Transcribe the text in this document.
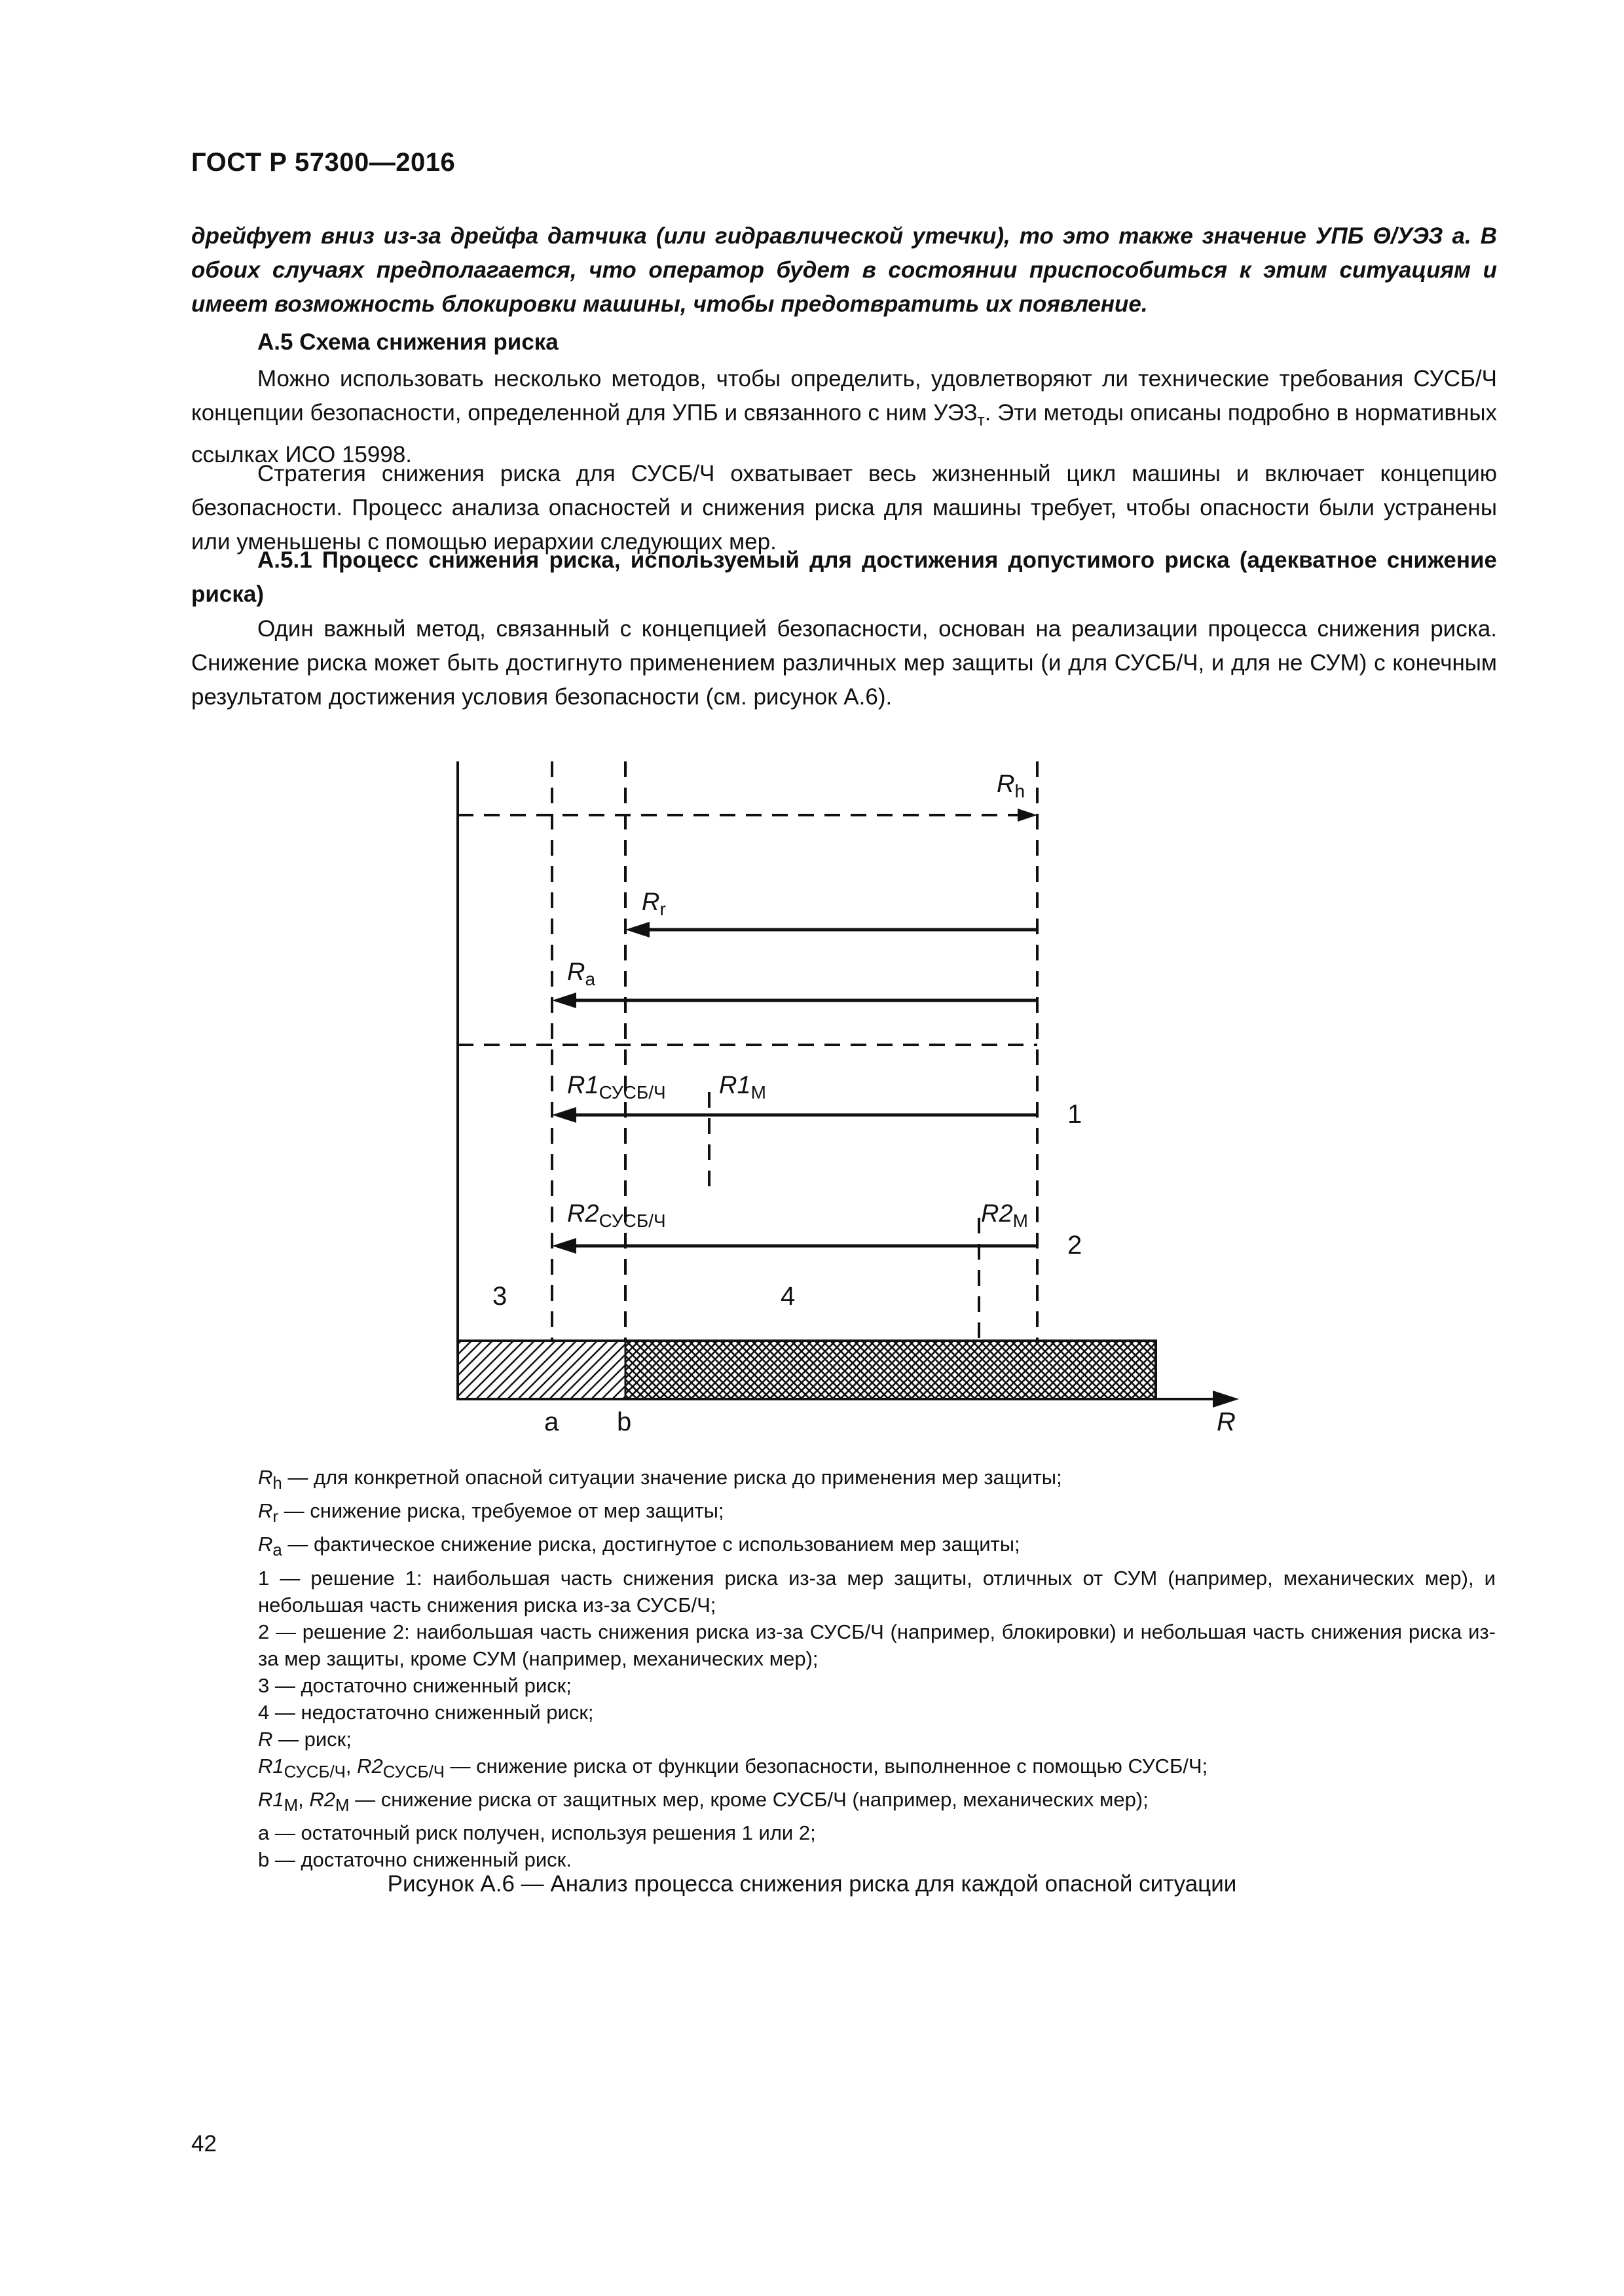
ГОСТ Р 57300—2016
дрейфует вниз из-за дрейфа датчика (или гидравлической утечки), то это также значение УПБ Θ/УЭЗ a. В обоих случаях предполагается, что оператор будет в состоянии приспособиться к этим ситуациям и имеет возможность блокировки машины, чтобы предотвратить их появление.
A.5 Схема снижения риска
Можно использовать несколько методов, чтобы определить, удовлетворяют ли технические требования СУСБ/Ч концепции безопасности, определенной для УПБ и связанного с ним $УЭЗ_т$. Эти методы описаны подробно в нормативных ссылках ИСО 15998.
Стратегия снижения риска для СУСБ/Ч охватывает весь жизненный цикл машины и включает концепцию безопасности. Процесс анализа опасностей и снижения риска для машины требует, чтобы опасности были устранены или уменьшены с помощью иерархии следующих мер.
A.5.1 Процесс снижения риска, используемый для достижения допустимого риска (адекватное снижение риска)
Один важный метод, связанный с концепцией безопасности, основан на реализации процесса снижения риска. Снижение риска может быть достигнуто применением различных мер защиты (и для СУСБ/Ч, и для не СУМ) с конечным результатом достижения условия безопасности (см. рисунок А.6).
$R_h$
$R_r$
$R_a$
$R1_{СУСБ/Ч}$ $R1_М$
$R2_{СУСБ/Ч}$	$R2_М$
1
2
3	4
a b	R
$R_h$ — для конкретной опасной ситуации значение риска до применения мер защиты;
$R_r$ — снижение риска, требуемое от мер защиты;
$R_a$ — фактическое снижение риска, достигнутое с использованием мер защиты;
1 — решение 1: наибольшая часть снижения риска из-за мер защиты, отличных от СУМ (например, механических мер), и небольшая часть снижения риска из-за СУСБ/Ч;
2 — решение 2: наибольшая часть снижения риска из-за СУСБ/Ч (например, блокировки) и небольшая часть снижения риска из-за мер защиты, кроме СУМ (например, механических мер);
3 — достаточно сниженный риск;
4 — недостаточно сниженный риск;
R — риск;
$R1_{СУСБ/Ч}$, $R2_{СУСБ/Ч}$ — снижение риска от функции безопасности, выполненное с помощью СУСБ/Ч;
$R1_М$, $R2_М$ — снижение риска от защитных мер, кроме СУСБ/Ч (например, механических мер);
a — остаточный риск получен, используя решения 1 или 2;
b — достаточно сниженный риск.
Рисунок А.6 — Анализ процесса снижения риска для каждой опасной ситуации
42
